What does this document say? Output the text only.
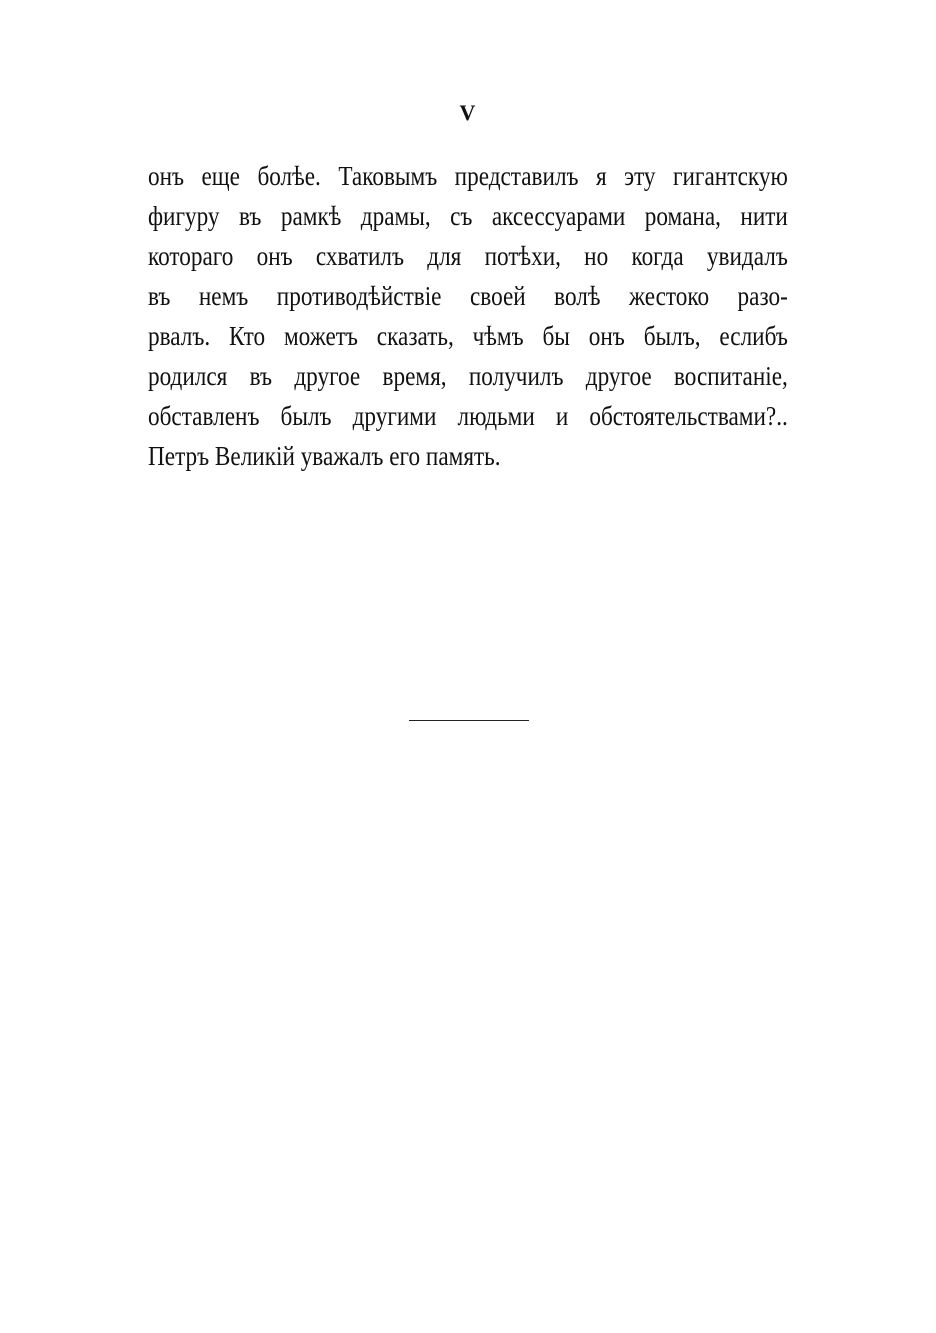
V
онъ еще болѣе. Таковымъ представилъ я эту гигантскую
фигуру въ рамкѣ драмы, съ аксессуарами романа, нити
котораго онъ схватилъ для потѣхи, но когда увидалъ
въ немъ противодѣйствіе своей волѣ жестоко разо-
рвалъ. Кто можетъ сказать, чѣмъ бы онъ былъ, еслибъ
родился въ другое время, получилъ другое воспитаніе,
обставленъ былъ другими людьми и обстоятельствами?..
Петръ Великій уважалъ его память.
